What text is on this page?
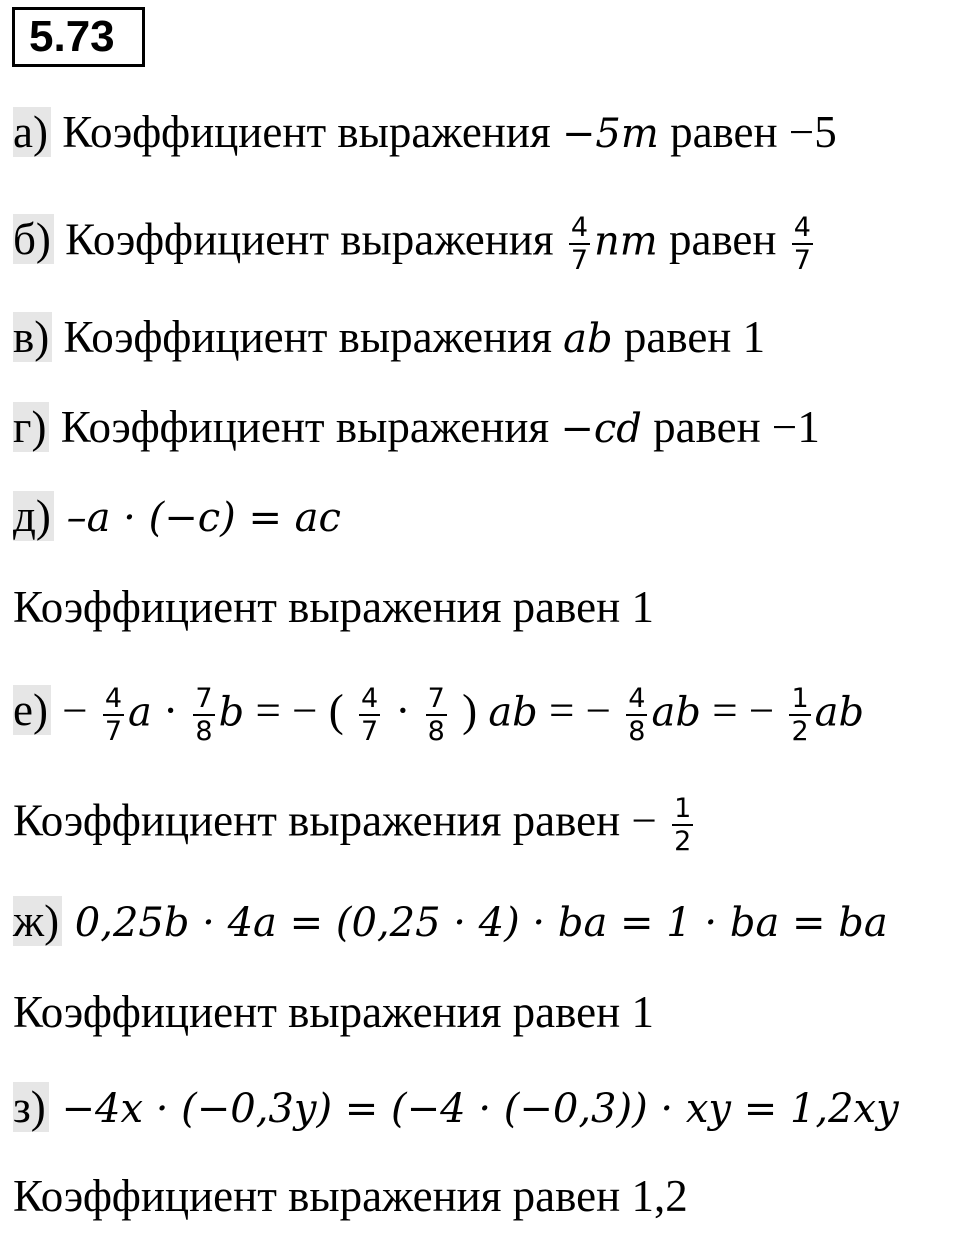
5.73
а) Коэффициент выражения −5m равен −5
б) Коэффициент выражения $\frac{4}{7}$ nm равен $\frac{4}{7}$
в) Коэффициент выражения ab равен 1
г) Коэффициент выражения −cd равен −1
д) –a · (−c) = ac
Коэффициент выражения равен 1
$е) - \frac{4}{7}$ $a \cdot \frac{7}{8}$ b = − ( $\frac{4}{7} \cdot \frac{7}{8}$ ) ab = − $\frac{4}{8}$ ab = − $\frac{1}{2}$ ab
Коэффициент выражения равен − $\frac{1}{2}$
ж) 0,25b · 4a = (0,25 · 4) · ba = 1 · ba = ba
Коэффициент выражения равен 1
з) −4x · (−0,3y) = (−4 · (−0,3)) · xy = 1,2xy
Коэффициент выражения равен 1,2
